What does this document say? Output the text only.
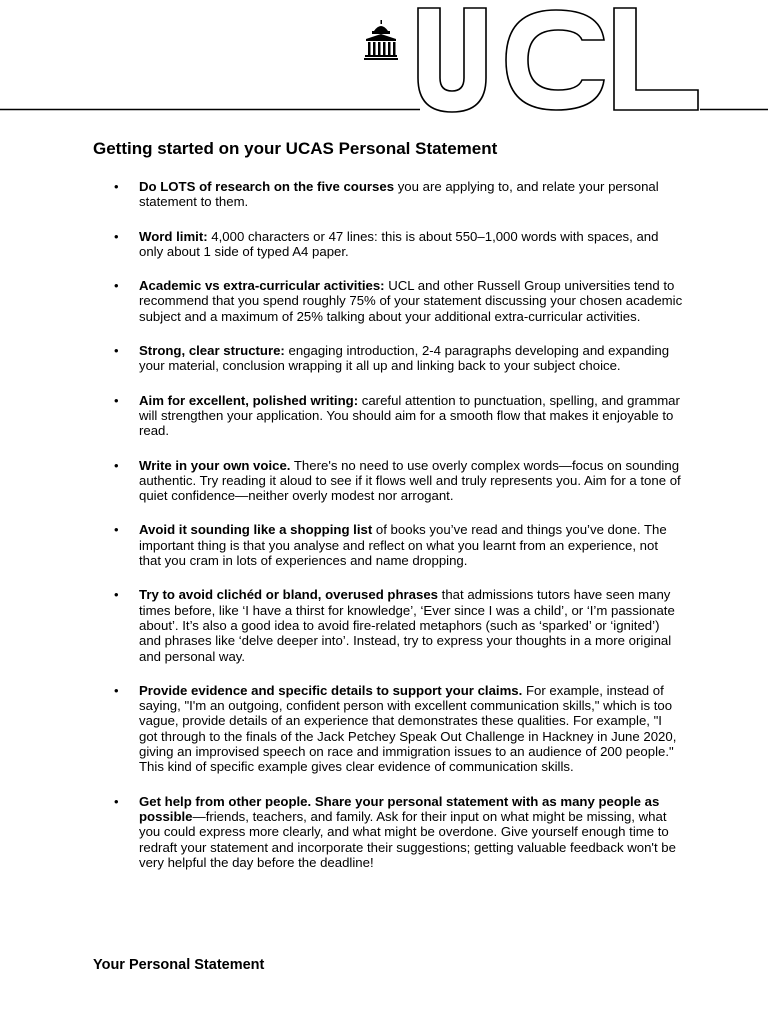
Getting started on your UCAS Personal Statement
• Do LOTS of research on the five courses you are applying to, and relate your personal statement to them.
• Word limit: 4,000 characters or 47 lines: this is about 550–1,000 words with spaces, and only about 1 side of typed A4 paper.
• Academic vs extra-curricular activities: UCL and other Russell Group universities tend to recommend that you spend roughly 75% of your statement discussing your chosen academic subject and a maximum of 25% talking about your additional extra-curricular activities.
• Strong, clear structure: engaging introduction, 2-4 paragraphs developing and expanding your material, conclusion wrapping it all up and linking back to your subject choice.
• Aim for excellent, polished writing: careful attention to punctuation, spelling, and grammar will strengthen your application. You should aim for a smooth flow that makes it enjoyable to read.
• Write in your own voice. There's no need to use overly complex words—focus on sounding authentic. Try reading it aloud to see if it flows well and truly represents you. Aim for a tone of quiet confidence—neither overly modest nor arrogant.
• Avoid it sounding like a shopping list of books you’ve read and things you’ve done. The important thing is that you analyse and reflect on what you learnt from an experience, not that you cram in lots of experiences and name dropping.
• Try to avoid clichéd or bland, overused phrases that admissions tutors have seen many times before, like ‘I have a thirst for knowledge’, ‘Ever since I was a child’, or ‘I’m passionate about’. It’s also a good idea to avoid fire-related metaphors (such as ‘sparked’ or ‘ignited’) and phrases like ‘delve deeper into’. Instead, try to express your thoughts in a more original and personal way.
• Provide evidence and specific details to support your claims. For example, instead of saying, "I'm an outgoing, confident person with excellent communication skills," which is too vague, provide details of an experience that demonstrates these qualities. For example, "I got through to the finals of the Jack Petchey Speak Out Challenge in Hackney in June 2020, giving an improvised speech on race and immigration issues to an audience of 200 people." This kind of specific example gives clear evidence of communication skills.
• Get help from other people. Share your personal statement with as many people as possible—friends, teachers, and family. Ask for their input on what might be missing, what you could express more clearly, and what might be overdone. Give yourself enough time to redraft your statement and incorporate their suggestions; getting valuable feedback won't be very helpful the day before the deadline!
Your Personal Statement
